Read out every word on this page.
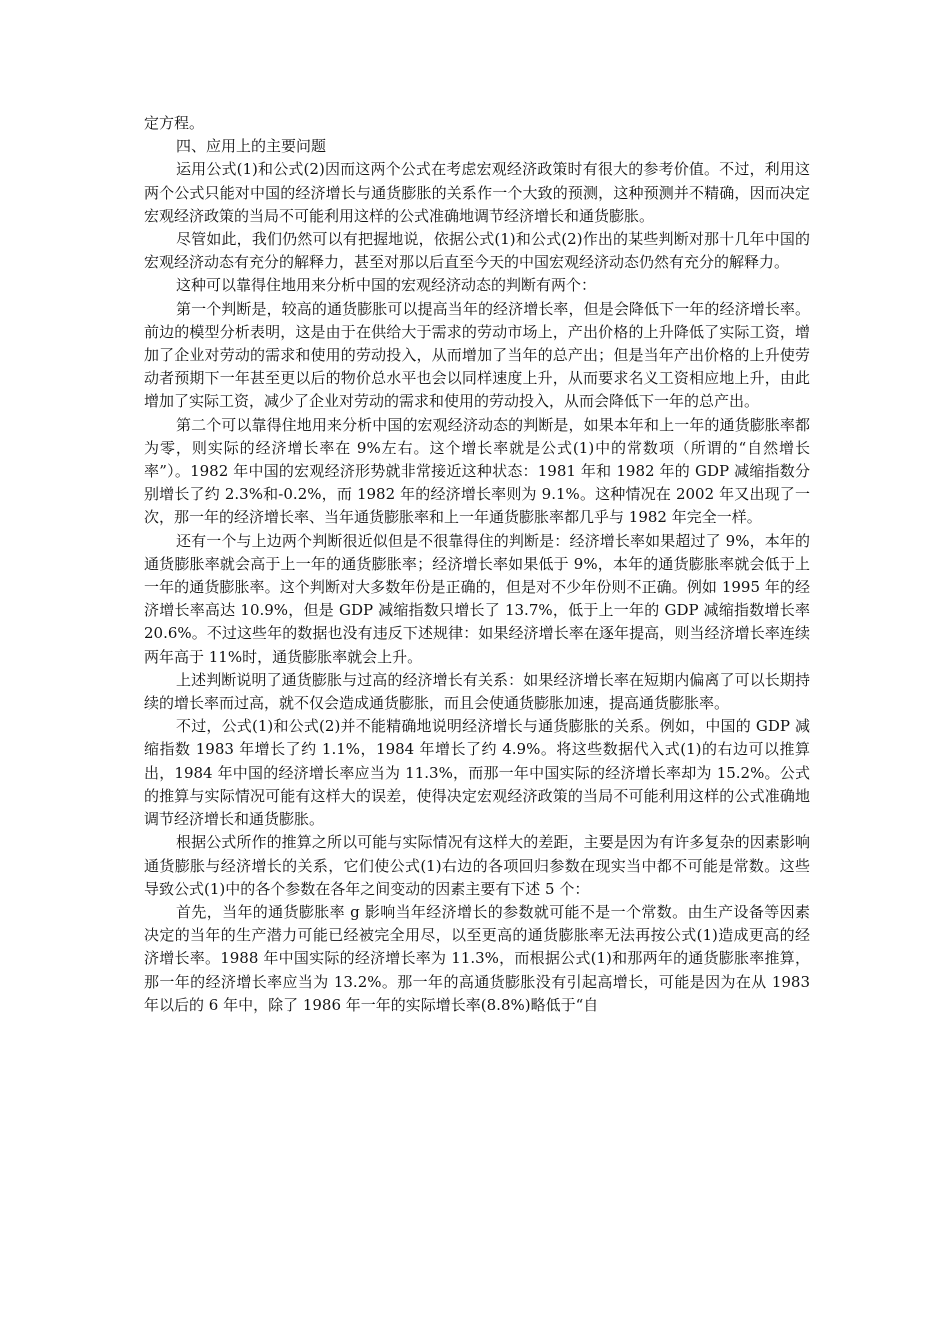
定方程。

四、应用上的主要问题

运用公式(1)和公式(2)因而这两个公式在考虑宏观经济政策时有很大的参考价值。不过，利用这两个公式只能对中国的经济增长与通货膨胀的关系作一个大致的预测，这种预测并不精确，因而决定宏观经济政策的当局不可能利用这样的公式准确地调节经济增长和通货膨胀。

尽管如此，我们仍然可以有把握地说，依据公式(1)和公式(2)作出的某些判断对那十几年中国的宏观经济动态有充分的解释力，甚至对那以后直至今天的中国宏观经济动态仍然有充分的解释力。

这种可以靠得住地用来分析中国的宏观经济动态的判断有两个：

第一个判断是，较高的通货膨胀可以提高当年的经济增长率，但是会降低下一年的经济增长率。前边的模型分析表明，这是由于在供给大于需求的劳动市场上，产出价格的上升降低了实际工资，增加了企业对劳动的需求和使用的劳动投入，从而增加了当年的总产出；但是当年产出价格的上升使劳动者预期下一年甚至更以后的物价总水平也会以同样速度上升，从而要求名义工资相应地上升，由此增加了实际工资，减少了企业对劳动的需求和使用的劳动投入，从而会降低下一年的总产出。

第二个可以靠得住地用来分析中国的宏观经济动态的判断是，如果本年和上一年的通货膨胀率都为零，则实际的经济增长率在 9%左右。这个增长率就是公式(1)中的常数项（所谓的“自然增长率”）。1982 年中国的宏观经济形势就非常接近这种状态：1981 年和 1982 年的 GDP 减缩指数分别增长了约 2.3%和-0.2%，而 1982 年的经济增长率则为 9.1%。这种情况在 2002 年又出现了一次，那一年的经济增长率、当年通货膨胀率和上一年通货膨胀率都几乎与 1982 年完全一样。

还有一个与上边两个判断很近似但是不很靠得住的判断是：经济增长率如果超过了 9%，本年的通货膨胀率就会高于上一年的通货膨胀率；经济增长率如果低于 9%，本年的通货膨胀率就会低于上一年的通货膨胀率。这个判断对大多数年份是正确的，但是对不少年份则不正确。例如 1995 年的经济增长率高达 10.9%，但是 GDP 减缩指数只增长了 13.7%，低于上一年的 GDP 减缩指数增长率 20.6%。不过这些年的数据也没有违反下述规律：如果经济增长率在逐年提高，则当经济增长率连续两年高于 11%时，通货膨胀率就会上升。

上述判断说明了通货膨胀与过高的经济增长有关系：如果经济增长率在短期内偏离了可以长期持续的增长率而过高，就不仅会造成通货膨胀，而且会使通货膨胀加速，提高通货膨胀率。

不过，公式(1)和公式(2)并不能精确地说明经济增长与通货膨胀的关系。例如，中国的 GDP 减缩指数 1983 年增长了约 1.1%，1984 年增长了约 4.9%。将这些数据代入式(1)的右边可以推算出，1984 年中国的经济增长率应当为 11.3%，而那一年中国实际的经济增长率却为 15.2%。公式的推算与实际情况可能有这样大的误差，使得决定宏观经济政策的当局不可能利用这样的公式准确地调节经济增长和通货膨胀。

根据公式所作的推算之所以可能与实际情况有这样大的差距，主要是因为有许多复杂的因素影响通货膨胀与经济增长的关系，它们使公式(1)右边的各项回归参数在现实当中都不可能是常数。这些导致公式(1)中的各个参数在各年之间变动的因素主要有下述 5 个：

首先，当年的通货膨胀率 g 影响当年经济增长的参数就可能不是一个常数。由生产设备等因素决定的当年的生产潜力可能已经被完全用尽，以至更高的通货膨胀率无法再按公式(1)造成更高的经济增长率。1988 年中国实际的经济增长率为 11.3%，而根据公式(1)和那两年的通货膨胀率推算，那一年的经济增长率应当为 13.2%。那一年的高通货膨胀没有引起高增长，可能是因为在从 1983 年以后的 6 年中，除了 1986 年一年的实际增长率(8.8%)略低于“自
